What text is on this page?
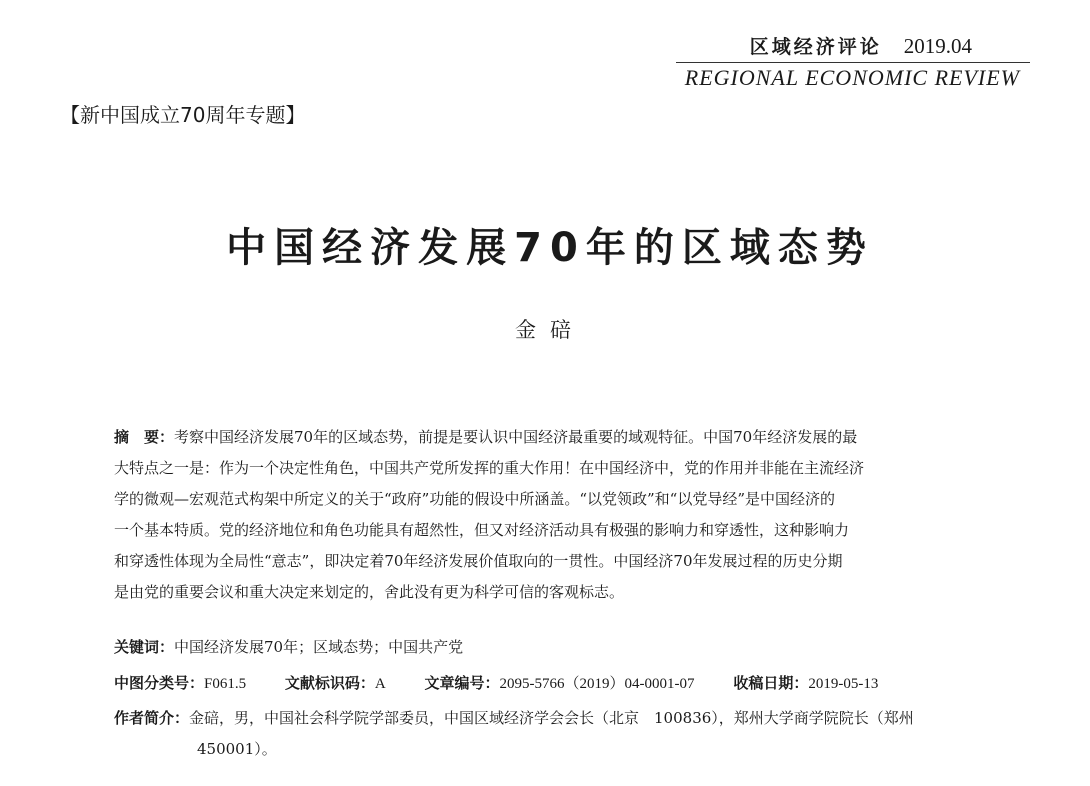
区域经济评论 2019.04
REGIONAL ECONOMIC REVIEW
【新中国成立70周年专题】
中国经济发展70年的区域态势
金碚
摘　要：考察中国经济发展70年的区域态势，前提是要认识中国经济最重要的域观特征。中国70年经济发展的最
大特点之一是：作为一个决定性角色，中国共产党所发挥的重大作用！在中国经济中，党的作用并非能在主流经济
学的微观—宏观范式构架中所定义的关于“政府”功能的假设中所涵盖。“以党领政”和“以党导经”是中国经济的
一个基本特质。党的经济地位和角色功能具有超然性，但又对经济活动具有极强的影响力和穿透性，这种影响力
和穿透性体现为全局性“意志”，即决定着70年经济发展价值取向的一贯性。中国经济70年发展过程的历史分期
是由党的重要会议和重大决定来划定的，舍此没有更为科学可信的客观标志。
关键词：中国经济发展70年；区域态势；中国共产党
中图分类号：F061.5	文献标识码：A	文章编号：2095-5766（2019）04-0001-07	收稿日期：2019-05-13
作者简介：金碚，男，中国社会科学院学部委员，中国区域经济学会会长（北京　100836），郑州大学商学院院长（郑州
450001）。
